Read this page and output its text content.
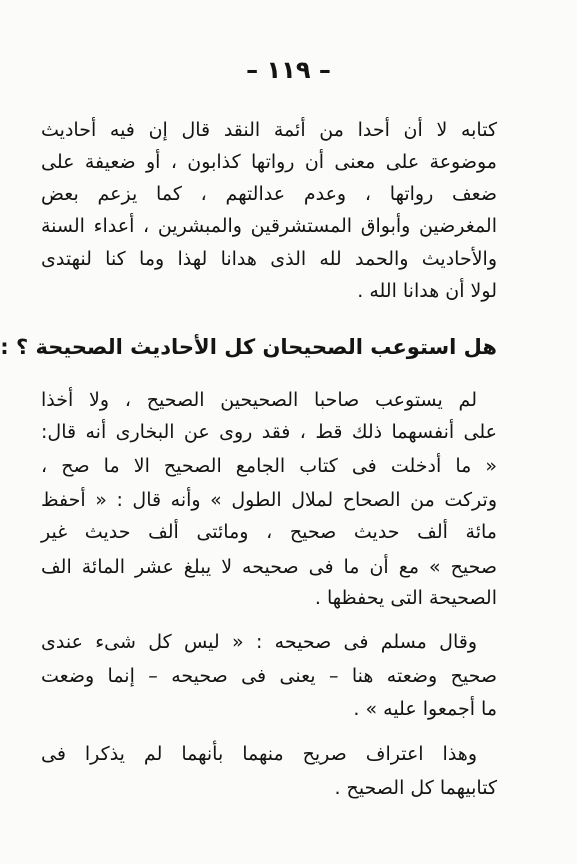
– ١١٩ –

كتابه لا أن أحدا من أئمة النقد قال إن فيه أحاديث

موضوعة على معنى أن رواتها كذابون ، أو ضعيفة على

ضعف رواتها ، وعدم عدالتهم ، كما يزعم بعض

المغرضين وأبواق المستشرقين والمبشرين ، أعداء السنة

والأحاديث والحمد لله الذى هدانا لهذا وما كنا لنهتدى

لولا أن هدانا الله .

هل استوعب الصحيحان كل الأحاديث الصحيحة ؟ :

لم يستوعب صاحبا الصحيحين الصحيح ، ولا أخذا

على أنفسهما ذلك قط ، فقد روى عن البخارى أنه قال:

« ما أدخلت فى كتاب الجامع الصحيح الا ما صح ،

وتركت من الصحاح لملال الطول » وأنه قال : « أحفظ

مائة ألف حديث صحيح ، ومائتى ألف حديث غير

صحيح » مع أن ما فى صحيحه لا يبلغ عشر المائة الف

الصحيحة التى يحفظها .

وقال مسلم فى صحيحه : « ليس كل شىء عندى

صحيح وضعته هنا – يعنى فى صحيحه – إنما وضعت

ما أجمعوا عليه » .

وهذا اعتراف صريح منهما بأنهما لم يذكرا فى

كتابيهما كل الصحيح .
